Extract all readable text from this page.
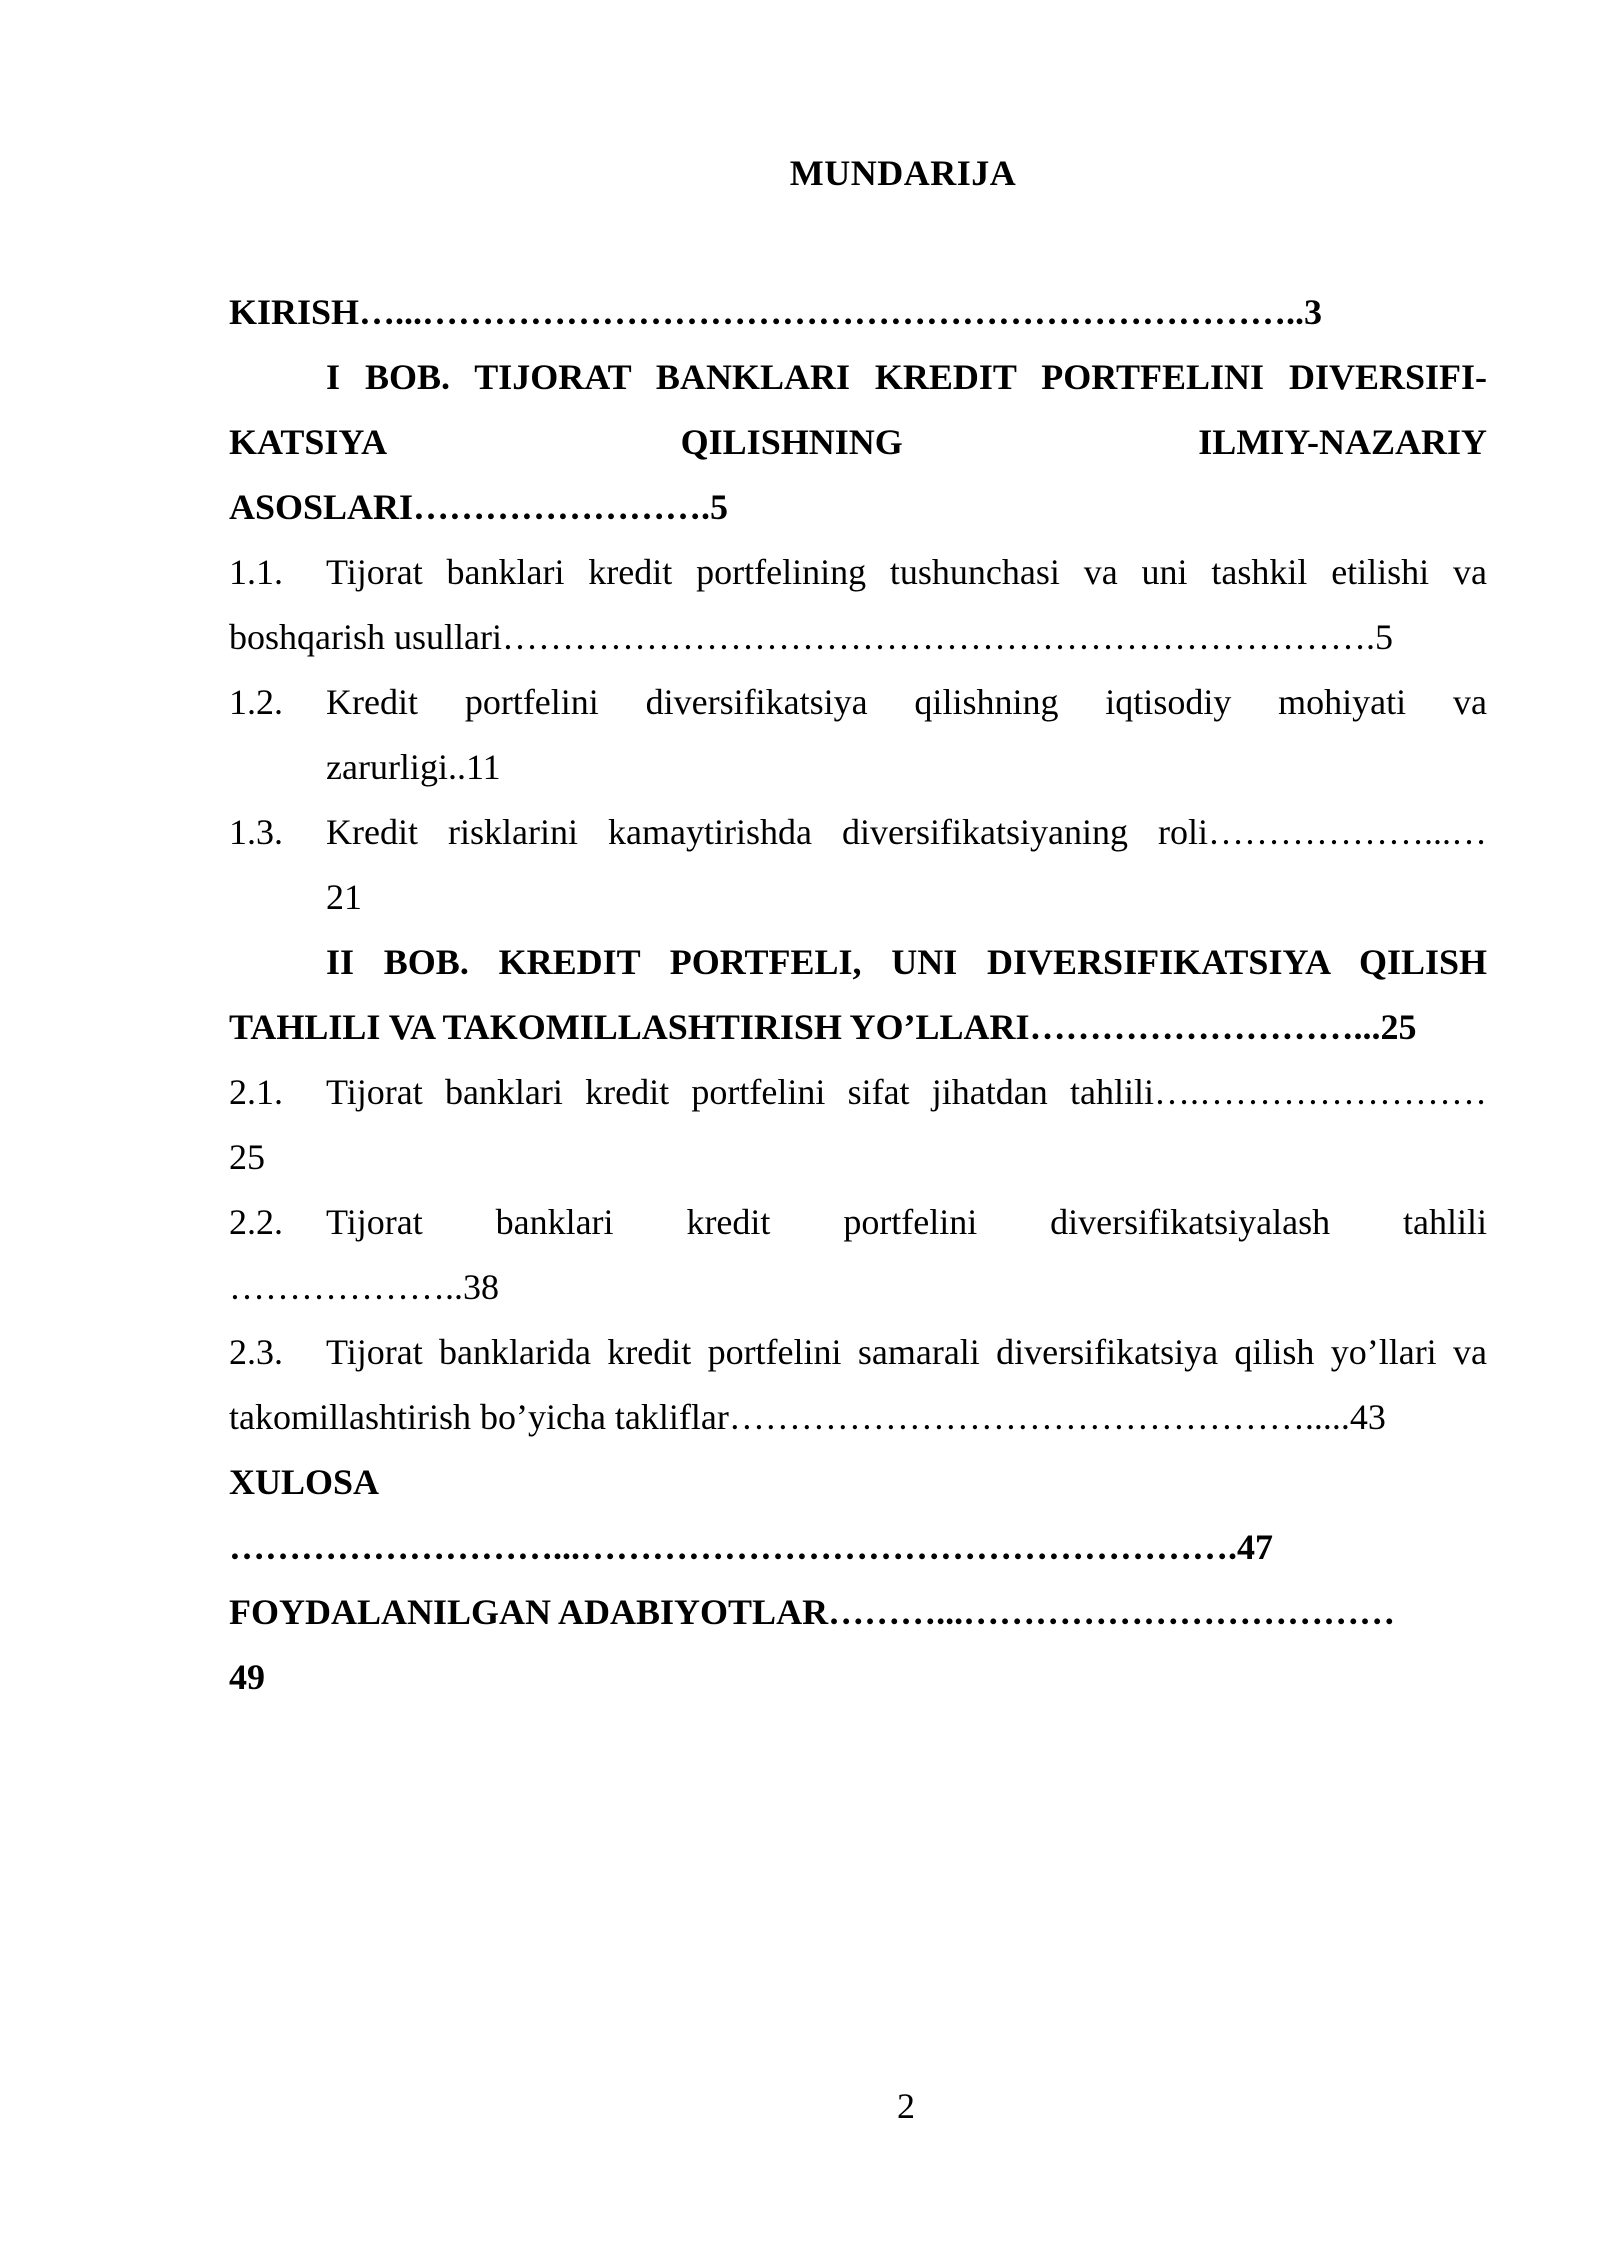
MUNDARIJA
KIRISH…...………………………………………………………………..3
I BOB. TIJORAT BANKLARI KREDIT PORTFELINI DIVERSIFI-
KATSIYA QILISHNING ILMIY-NAZARIY
ASOSLARI…………………….5
1.1. Tijorat banklari kredit portfelining tushunchasi va uni tashkil etilishi va
boshqarish usullari……………………………………………………………….5
1.2. Kredit portfelini diversifikatsiya qilishning iqtisodiy mohiyati va
zarurligi..11
1.3. Kredit risklarini kamaytirishda diversifikatsiyaning roli………………...…
21
II BOB. KREDIT PORTFELI, UNI DIVERSIFIKATSIYA QILISH
TAHLILI VA TAKOMILLASHTIRISH YO’LLARI………………………...25
2.1. Tijorat banklari kredit portfelini sifat jihatdan tahlili….……………………
25
2.2. Tijorat banklari kredit portfelini diversifikatsiyalash tahlili
………………..38
2.3. Tijorat banklarida kredit portfelini samarali diversifikatsiya qilish yo’llari va
takomillashtirish bo’yicha takliflar………………………………………….....43
XULOSA
………………………...……………………………………………….47
FOYDALANILGAN ADABIYOTLAR………...………………………………
49
2
